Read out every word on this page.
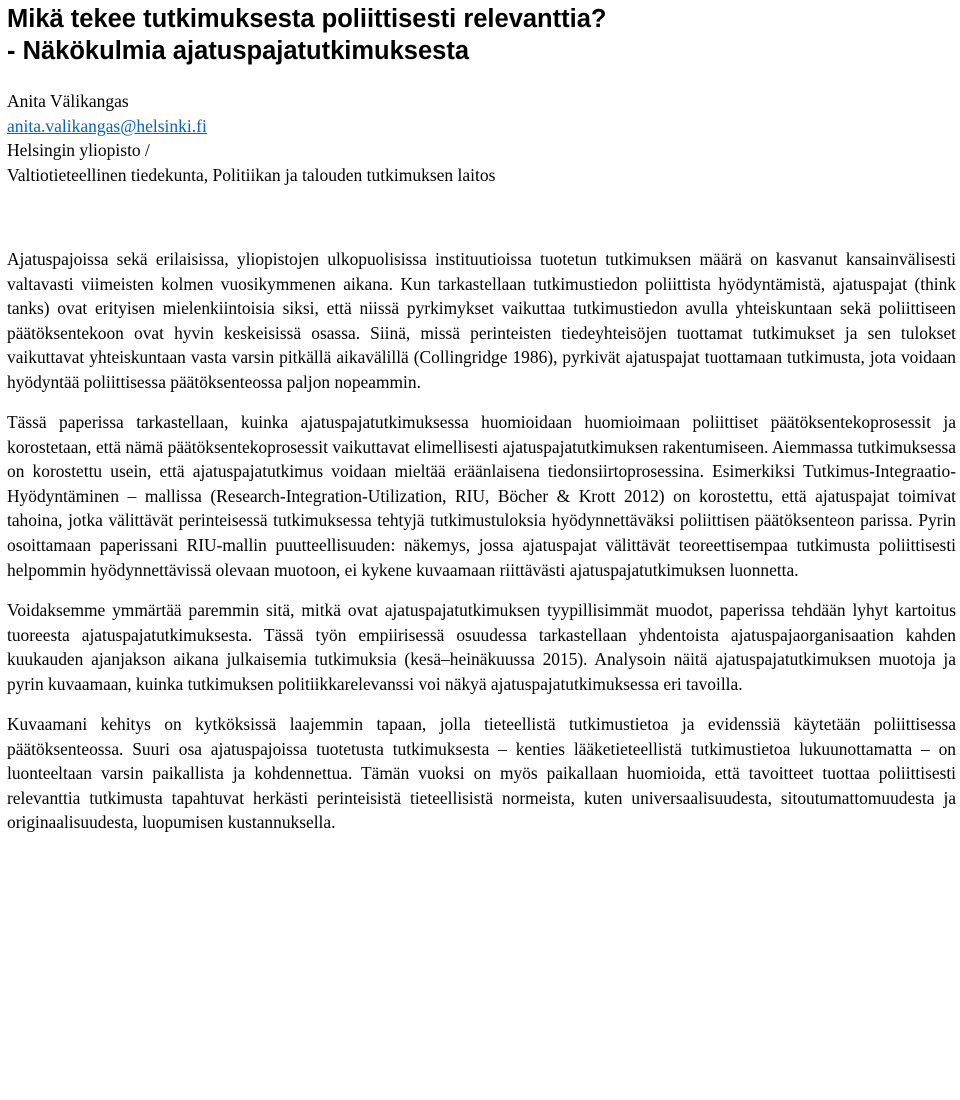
Mikä tekee tutkimuksesta poliittisesti relevanttia?
- Näkökulmia ajatuspajatutkimuksesta
Anita Välikangas
anita.valikangas@helsinki.fi
Helsingin yliopisto /
Valtiotieteellinen tiedekunta, Politiikan ja talouden tutkimuksen laitos

Ajatuspajoissa sekä erilaisissa, yliopistojen ulkopuolisissa instituutioissa tuotetun tutkimuksen määrä on kasvanut kansainvälisesti valtavasti viimeisten kolmen vuosikymmenen aikana. Kun tarkastellaan tutkimustiedon poliittista hyödyntämistä, ajatuspajat (think tanks) ovat erityisen mielenkiintoisia siksi, että niissä pyrkimykset vaikuttaa tutkimustiedon avulla yhteiskuntaan sekä poliittiseen päätöksentekoon ovat hyvin keskeisissä osassa. Siinä, missä perinteisten tiedeyhteisöjen tuottamat tutkimukset ja sen tulokset vaikuttavat yhteiskuntaan vasta varsin pitkällä aikavälillä (Collingridge 1986), pyrkivät ajatuspajat tuottamaan tutkimusta, jota voidaan hyödyntää poliittisessa päätöksenteossa paljon nopeammin.

Tässä paperissa tarkastellaan, kuinka ajatuspajatutkimuksessa huomioidaan huomioimaan poliittiset päätöksentekoprosessit ja korostetaan, että nämä päätöksentekoprosessit vaikuttavat elimellisesti ajatuspajatutkimuksen rakentumiseen. Aiemmassa tutkimuksessa on korostettu usein, että ajatuspajatutkimus voidaan mieltää eräänlaisena tiedonsiirtoprosessina. Esimerkiksi Tutkimus-Integraatio-Hyödyntäminen – mallissa (Research-Integration-Utilization, RIU, Böcher & Krott 2012) on korostettu, että ajatuspajat toimivat tahoina, jotka välittävät perinteisessä tutkimuksessa tehtyjä tutkimustuloksia hyödynnettäväksi poliittisen päätöksenteon parissa. Pyrin osoittamaan paperissani RIU-mallin puutteellisuuden: näkemys, jossa ajatuspajat välittävät teoreettisempaa tutkimusta poliittisesti helpommin hyödynnettävissä olevaan muotoon, ei kykene kuvaamaan riittävästi ajatuspajatutkimuksen luonnetta.

Voidaksemme ymmärtää paremmin sitä, mitkä ovat ajatuspajatutkimuksen tyypillisimmät muodot, paperissa tehdään lyhyt kartoitus tuoreesta ajatuspajatutkimuksesta. Tässä työn empiirisessä osuudessa tarkastellaan yhdentoista ajatuspajaorganisaation kahden kuukauden ajanjakson aikana julkaisemia tutkimuksia (kesä–heinäkuussa 2015). Analysoin näitä ajatuspajatutkimuksen muotoja ja pyrin kuvaamaan, kuinka tutkimuksen politiikkarelevanssi voi näkyä ajatuspajatutkimuksessa eri tavoilla.

Kuvaamani kehitys on kytköksissä laajemmin tapaan, jolla tieteellistä tutkimustietoa ja evidenssiä käytetään poliittisessa päätöksenteossa. Suuri osa ajatuspajoissa tuotetusta tutkimuksesta – kenties lääketieteellistä tutkimustietoa lukuunottamatta – on luonteeltaan varsin paikallista ja kohdennettua. Tämän vuoksi on myös paikallaan huomioida, että tavoitteet tuottaa poliittisesti relevanttia tutkimusta tapahtuvat herkästi perinteisistä tieteellisistä normeista, kuten universaalisuudesta, sitoutumattomuudesta ja originaalisuudesta, luopumisen kustannuksella.
